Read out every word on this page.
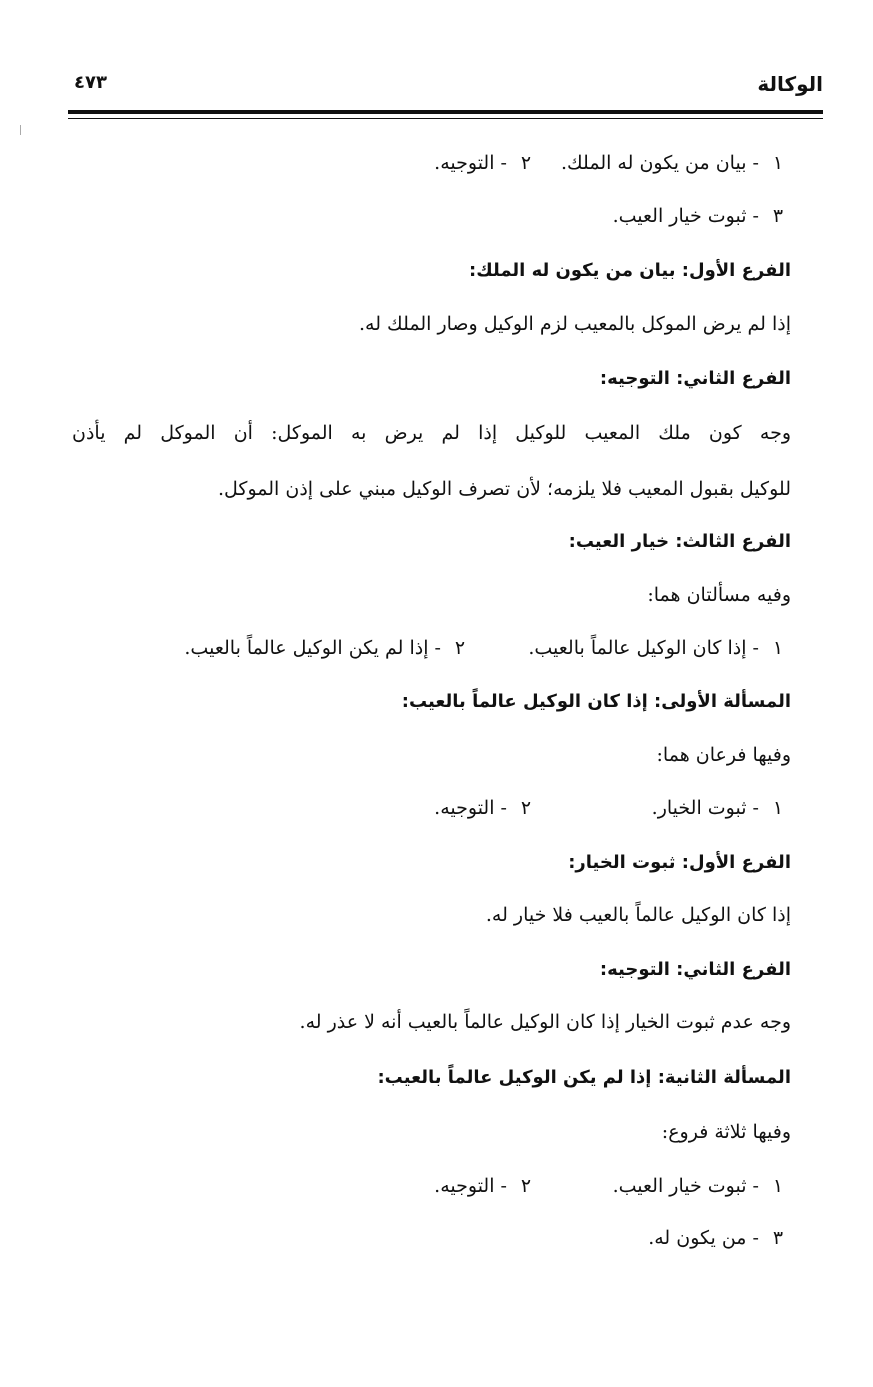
الوكالة
٤٧٣
١ - بيان من يكون له الملك.٢ - التوجيه.
٣ - ثبوت خيار العيب.
الفرع الأول: بيان من يكون له الملك:
إذا لم يرض الموكل بالمعيب لزم الوكيل وصار الملك له.
الفرع الثاني: التوجيه:
وجه كون ملك المعيب للوكيل إذا لم يرض به الموكل: أن الموكل لم يأذن
للوكيل بقبول المعيب فلا يلزمه؛ لأن تصرف الوكيل مبني على إذن الموكل.
الفرع الثالث: خيار العيب:
وفيه مسألتان هما:
١ - إذا كان الوكيل عالماً بالعيب.٢ - إذا لم يكن الوكيل عالماً بالعيب.
المسألة الأولى: إذا كان الوكيل عالماً بالعيب:
وفيها فرعان هما:
١ - ثبوت الخيار.٢ - التوجيه.
الفرع الأول: ثبوت الخيار:
إذا كان الوكيل عالماً بالعيب فلا خيار له.
الفرع الثاني: التوجيه:
وجه عدم ثبوت الخيار إذا كان الوكيل عالماً بالعيب أنه لا عذر له.
المسألة الثانية: إذا لم يكن الوكيل عالماً بالعيب:
وفيها ثلاثة فروع:
١ - ثبوت خيار العيب.٢ - التوجيه.
٣ - من يكون له.
